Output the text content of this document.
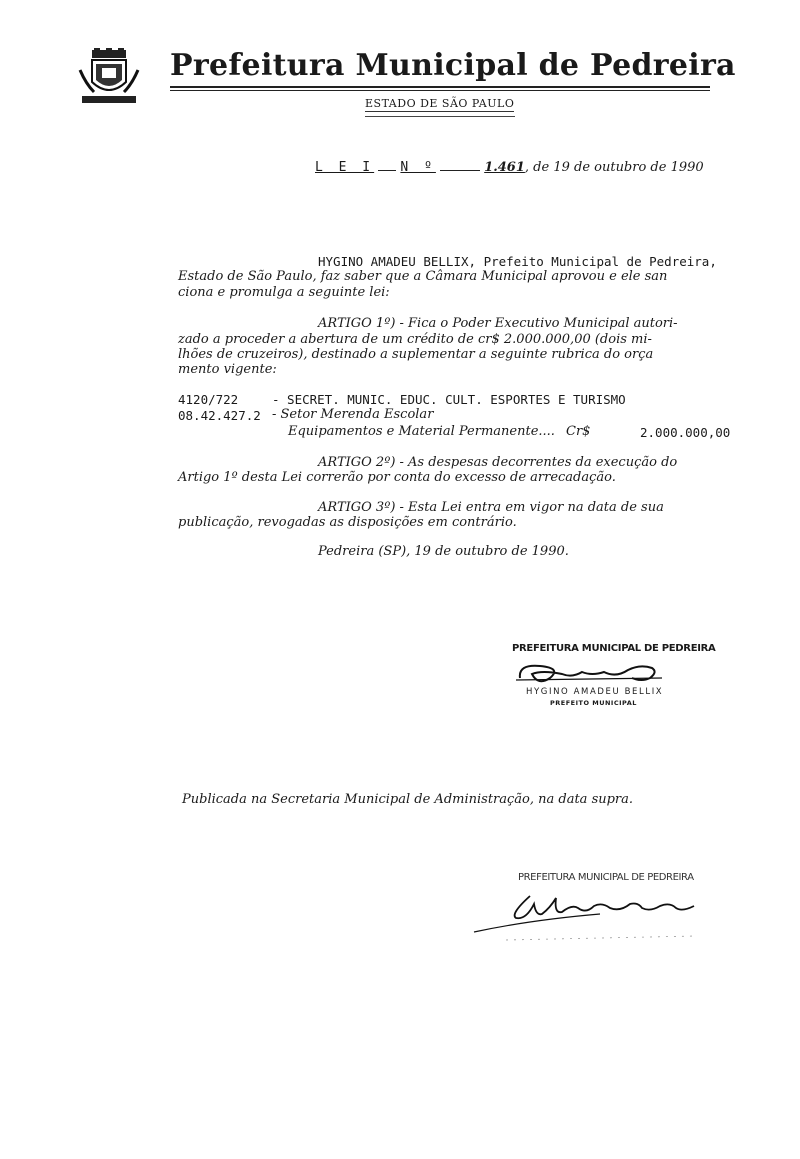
Prefeitura Municipal de Pedreira
ESTADO DE SÃO PAULO
L E I N º	1.461, de 19 de outubro de 1990
HYGINO AMADEU BELLIX, Prefeito Municipal de Pedreira,
Estado de São Paulo, faz saber que a Câmara Municipal aprovou e ele san
ciona e promulga a seguinte lei:
ARTIGO 1º) - Fica o Poder Executivo Municipal autori-
zado a proceder a abertura de um crédito de cr$ 2.000.000,00 (dois mi-
lhões de cruzeiros), destinado a suplementar a seguinte rubrica do orça
mento vigente:
4120/722	- SECRET. MUNIC. EDUC. CULT. ESPORTES E TURISMO
08.42.427.2 - Setor Merenda Escolar
Equipamentos e Material Permanente.... Cr$	2.000.000,00
ARTIGO 2º) - As despesas decorrentes da execução do
Artigo 1º desta Lei correrão por conta do excesso de arrecadação.
ARTIGO 3º) - Esta Lei entra em vigor na data de sua
publicação, revogadas as disposições em contrário.
Pedreira (SP), 19 de outubro de 1990.
PREFEITURA MUNICIPAL DE PEDREIRA
HYGINO AMADEU BELLIX
PREFEITO MUNICIPAL
Publicada na Secretaria Municipal de Administração, na data supra.
PREFEITURA MUNICIPAL DE PEDREIRA
